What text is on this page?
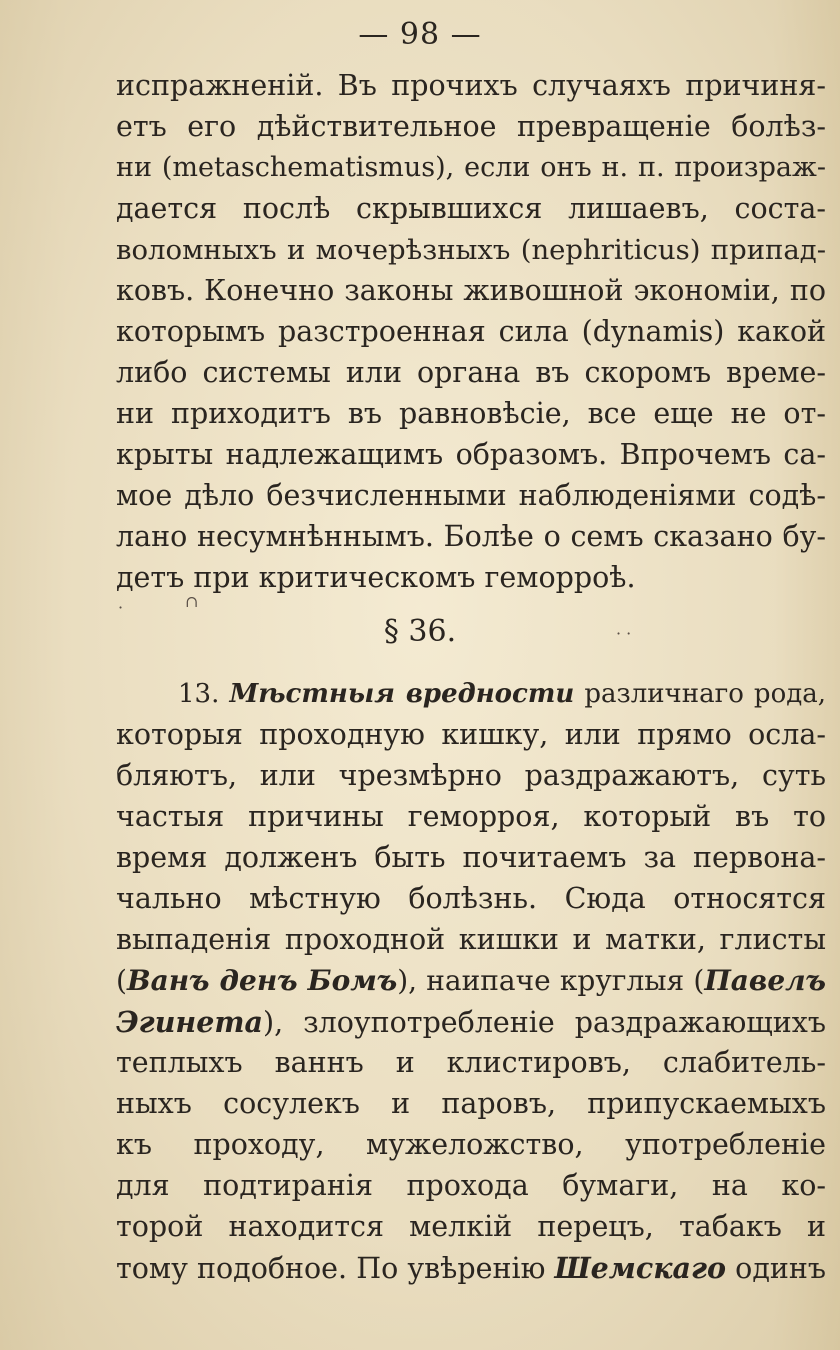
— 98 —
испражненій. Въ прочихъ случаяхъ причиня-
етъ его дѣйствительное превращеніе болѣз-
ни (metaschematismus), если онъ н. п. произраж-
дается послѣ скрывшихся лишаевъ, состa-
воломныхъ и мочерѣзныхъ (nephriticus) припад-
ковъ. Конечно законы живошной экономіи, по
которымъ разстроенная сила (dynamis) какой
либо системы или органа въ скоромъ време-
ни приходитъ въ равновѣсіе, все еще не от-
крыты надлежащимъ образомъ. Впрочемъ са-
мое дѣло безчисленными наблюденіями содѣ-
лано несумнѣннымъ. Болѣе о семъ сказано бу-
детъ при критическомъ геморроѣ.
∩
·
· ·
§ 36.
13. Мѣстныя вредности различнаго рода,
которыя проходную кишку, или прямо осла-
бляютъ, или чрезмѣрно раздражаютъ, суть
частыя причины геморроя, который въ то
время долженъ быть почитаемъ за первона-
чально мѣстную болѣзнь. Сюда относятся
выпаденія проходной кишки и матки, глисты
(Ванъ денъ Бомъ), наипаче круглыя (Павелъ
Эгинета), злоупотребленіе раздражающихъ
теплыхъ ваннъ и клистировъ, слабитель-
ныхъ сосулекъ и паровъ, припускаемыхъ
къ проходу, мужеложство, употребленіе
для подтиранія прохода бумаги, на ко-
торой находится мелкій перецъ, табакъ и
тому подобное. По увѣренію Шемскаго одинъ
